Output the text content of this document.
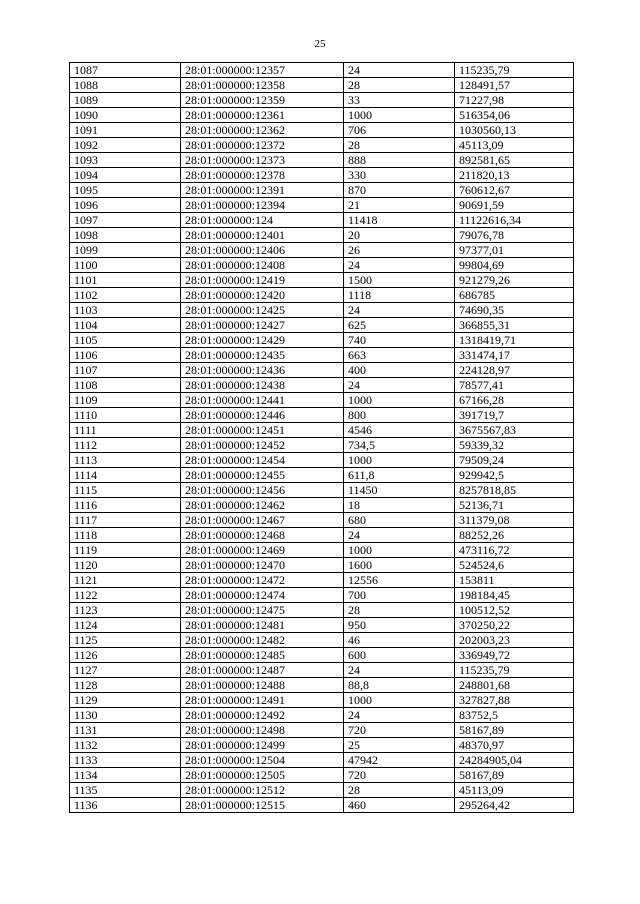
25
1087	28:01:000000:12357	24	115235,79
1088	28:01:000000:12358	28	128491,57
1089	28:01:000000:12359	33	71227,98
1090	28:01:000000:12361	1000	516354,06
1091	28:01:000000:12362	706	1030560,13
1092	28:01:000000:12372	28	45113,09
1093	28:01:000000:12373	888	892581,65
1094	28:01:000000:12378	330	211820,13
1095	28:01:000000:12391	870	760612,67
1096	28:01:000000:12394	21	90691,59
1097	28:01:000000:124	11418	11122616,34
1098	28:01:000000:12401	20	79076,78
1099	28:01:000000:12406	26	97377,01
1100	28:01:000000:12408	24	99804,69
1101	28:01:000000:12419	1500	921279,26
1102	28:01:000000:12420	1118	686785
1103	28:01:000000:12425	24	74690,35
1104	28:01:000000:12427	625	366855,31
1105	28:01:000000:12429	740	1318419,71
1106	28:01:000000:12435	663	331474,17
1107	28:01:000000:12436	400	224128,97
1108	28:01:000000:12438	24	78577,41
1109	28:01:000000:12441	1000	67166,28
1110	28:01:000000:12446	800	391719,7
1111	28:01:000000:12451	4546	3675567,83
1112	28:01:000000:12452	734,5	59339,32
1113	28:01:000000:12454	1000	79509,24
1114	28:01:000000:12455	611,8	929942,5
1115	28:01:000000:12456	11450	8257818,85
1116	28:01:000000:12462	18	52136,71
1117	28:01:000000:12467	680	311379,08
1118	28:01:000000:12468	24	88252,26
1119	28:01:000000:12469	1000	473116,72
1120	28:01:000000:12470	1600	524524,6
1121	28:01:000000:12472	12556	153811
1122	28:01:000000:12474	700	198184,45
1123	28:01:000000:12475	28	100512,52
1124	28:01:000000:12481	950	370250,22
1125	28:01:000000:12482	46	202003,23
1126	28:01:000000:12485	600	336949,72
1127	28:01:000000:12487	24	115235,79
1128	28:01:000000:12488	88,8	248801,68
1129	28:01:000000:12491	1000	327827,88
1130	28:01:000000:12492	24	83752,5
1131	28:01:000000:12498	720	58167,89
1132	28:01:000000:12499	25	48370,97
1133	28:01:000000:12504	47942	24284905,04
1134	28:01:000000:12505	720	58167,89
1135	28:01:000000:12512	28	45113,09
1136	28:01:000000:12515	460	295264,42
